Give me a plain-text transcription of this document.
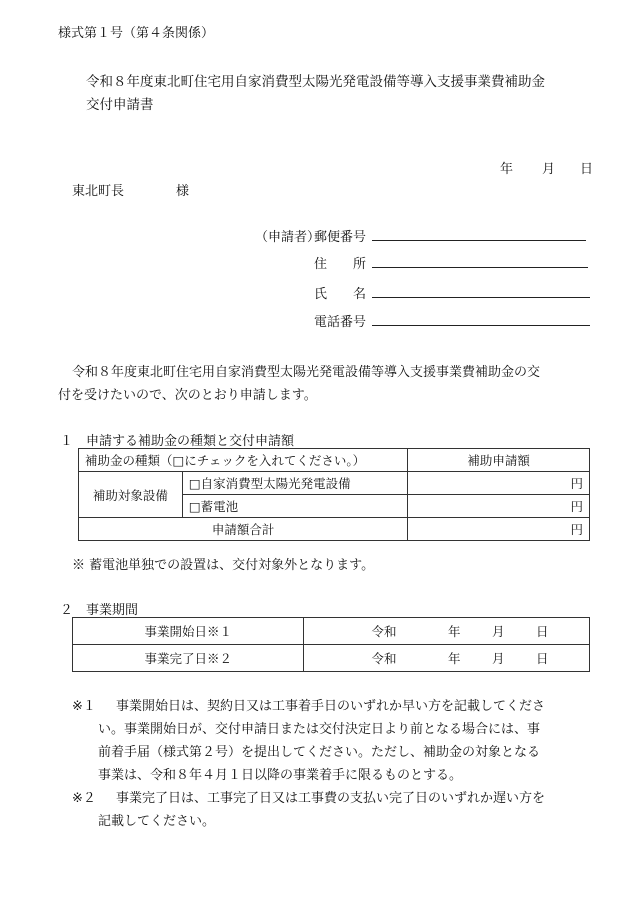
様式第１号（第４条関係）
令和８年度東北町住宅用自家消費型太陽光発電設備等導入支援事業費補助金
交付申請書
年 月 日
東北町長	様
（申請者）
郵便番号
住　　所
氏　　名
電話番号
令和８年度東北町住宅用自家消費型太陽光発電設備等導入支援事業費補助金の交
付を受けたいので、次のとおり申請します。
１　申請する補助金の種類と交付申請額
補助金の種類（□にチェックを入れてください。）		補助申請額
補助対象設備	□自家消費型太陽光発電設備	円
	□蓄電池	円
申請額合計		円
※ 蓄電池単独での設置は、交付対象外となります。
２　事業期間
事業開始日※１	令和 年 月 日
事業完了日※２	令和 年 月 日
※１ 事業開始日は、契約日又は工事着手日のいずれか早い方を記載してくださ
い。事業開始日が、交付申請日または交付決定日より前となる場合には、事
前着手届（様式第２号）を提出してください。ただし、補助金の対象となる
事業は、令和８年４月１日以降の事業着手に限るものとする。
※２ 事業完了日は、工事完了日又は工事費の支払い完了日のいずれか遅い方を
記載してください。
